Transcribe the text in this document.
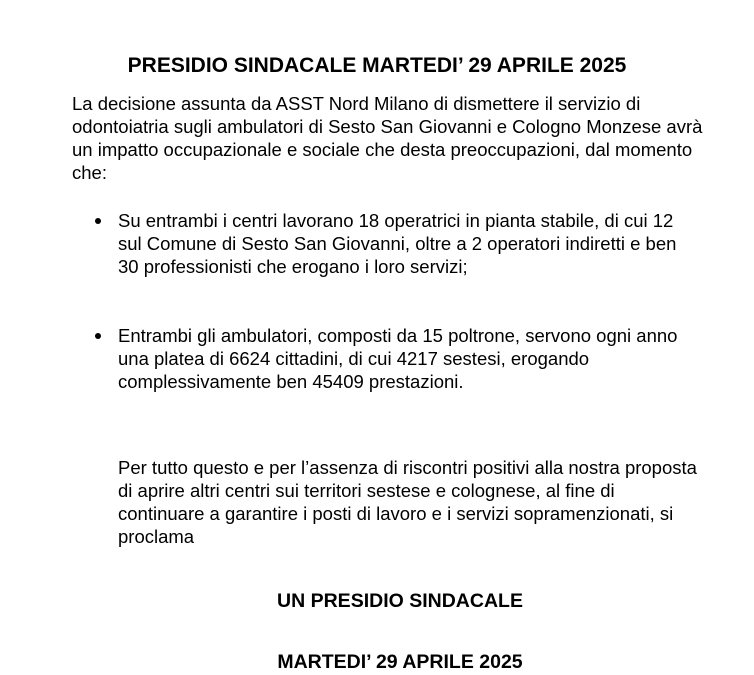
PRESIDIO SINDACALE MARTEDI’ 29 APRILE 2025

La decisione assunta da ASST Nord Milano di dismettere il servizio di odontoiatria sugli ambulatori di Sesto San Giovanni e Cologno Monzese avrà un impatto occupazionale e sociale che desta preoccupazioni, dal momento che:

Su entrambi i centri lavorano 18 operatrici in pianta stabile, di cui 12 sul Comune di Sesto San Giovanni, oltre a 2 operatori indiretti e ben 30 professionisti che erogano i loro servizi;
Entrambi gli ambulatori, composti da 15 poltrone, servono ogni anno una platea di 6624 cittadini, di cui 4217 sestesi, erogando complessivamente ben 45409 prestazioni.

Per tutto questo e per l’assenza di riscontri positivi alla nostra proposta di aprire altri centri sui territori sestese e colognese, al fine di continuare a garantire i posti di lavoro e i servizi sopramenzionati, si proclama

UN PRESIDIO SINDACALE
MARTEDI’ 29 APRILE 2025
